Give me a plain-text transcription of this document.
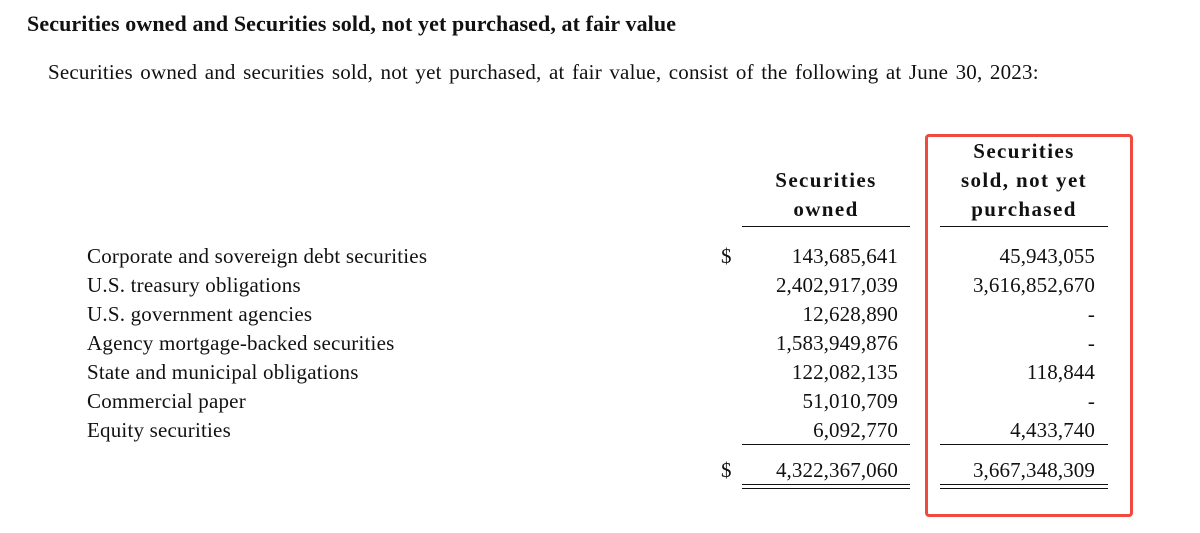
Securities owned and Securities sold, not yet purchased, at fair value
Securities owned and securities sold, not yet purchased, at fair value, consist of the following at June 30, 2023:
Securities
owned
Securities
sold, not yet
purchased
Corporate and sovereign debt securities	$	143,685,641	45,943,055
U.S. treasury obligations	2,402,917,039	3,616,852,670
U.S. government agencies	12,628,890	-
Agency mortgage-backed securities	1,583,949,876	-
State and municipal obligations	122,082,135	118,844
Commercial paper	51,010,709	-
Equity securities	6,092,770	4,433,740
$	4,322,367,060	3,667,348,309
